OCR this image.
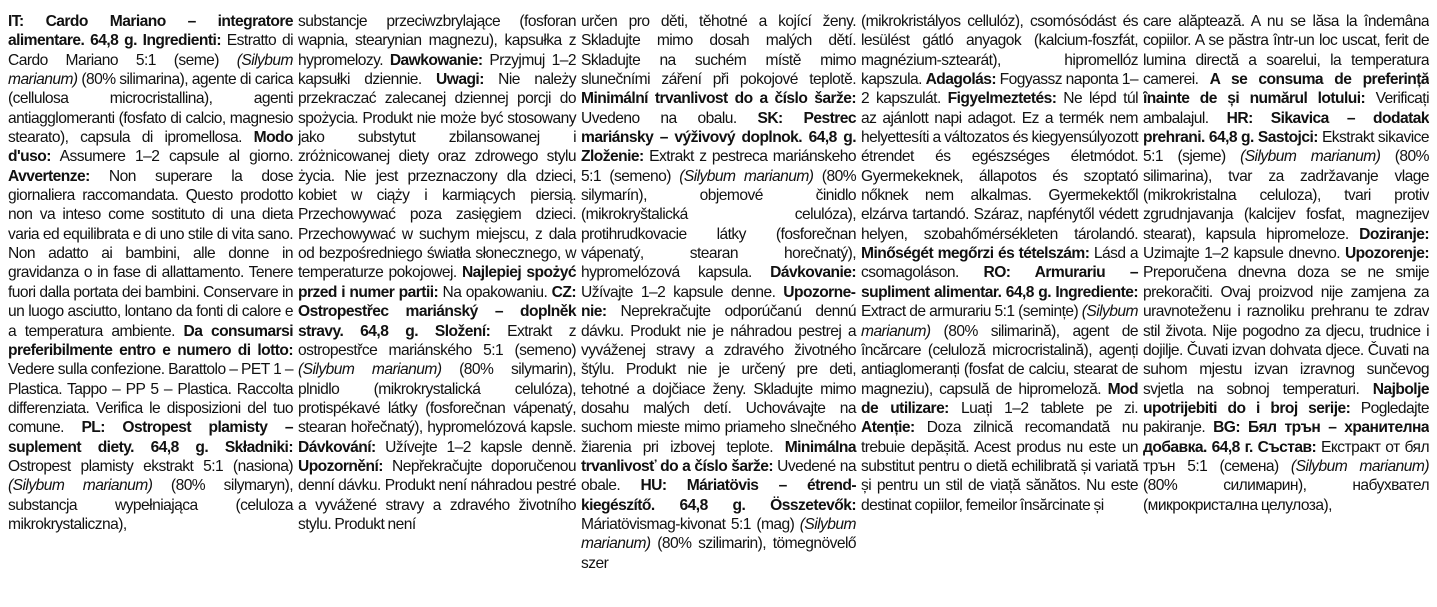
IT: Cardo Mariano – integratore alimentare. 64,8 g. Ingredienti: Estratto di Cardo Mariano 5:1 (seme) (Silybum marianum) (80% silimarina), agente di carica (cellulosa microcristallina), agenti antiagglomeranti (fosfato di calcio, magnesio stearato), capsula di ipromellosa. Modo d'uso: Assumere 1–2 capsule al giorno. Avvertenze: Non superare la dose giornaliera raccomandata. Questo prodotto non va inteso come sostituto di una dieta varia ed equilibrata e di uno stile di vita sano. Non adatto ai bambini, alle donne in gravidanza o in fase di allattamento. Tenere fuori dalla portata dei bambini. Conservare in un luogo asciutto, lontano da fonti di calore e a temperatura ambiente. Da consumarsi preferibilmente entro e numero di lotto: Vedere sulla confezione. Barattolo – PET 1 – Plastica. Tappo – PP 5 – Plastica. Raccolta differenziata. Verifica le disposizioni del tuo comune. PL: Ostropest plamisty – suplement diety. 64,8 g. Składniki: Ostropest plamisty ekstrakt 5:1 (nasiona) (Silybum marianum) (80% silymaryn), substancja wypełniająca (celuloza mikrokrystaliczna),
substancje przeciwzbrylające (fosforan wapnia, stearynian magnezu), kapsułka z hypromelozy. Dawkowanie: Przyjmuj 1–2 kapsułki dziennie. Uwagi: Nie należy przekraczać zalecanej dziennej porcji do spożycia. Produkt nie może być stosowany jako substytut zbilansowanej i zróżnicowanej diety oraz zdrowego stylu życia. Nie jest przeznaczony dla dzieci, kobiet w ciąży i karmiących piersią. Przechowywać poza zasięgiem dzieci. Przechowywać w suchym miejscu, z dala od bezpośredniego światła słonecznego, w temperaturze pokojowej. Najlepiej spożyć przed i numer partii: Na opakowaniu. CZ: Ostropestřec mariánský – doplněk stravy. 64,8 g. Složení: Extrakt z ostropestřce mariánského 5:1 (semeno) (Silybum marianum) (80% silymarin), plnidlo (mikrokrystalická celulóza), protispékavé látky (fosforečnan vápenatý, stearan hořečnatý), hypromelózová kapsle. Dávkování: Užívejte 1–2 kapsle denně. Upozornění: Nepřekračujte doporučenou denní dávku. Produkt není náhradou pestré a vyvážené stravy a zdravého životního stylu. Produkt není
určen pro děti, těhotné a kojící ženy. Skladujte mimo dosah malých dětí. Skladujte na suchém místě mimo slunečními záření při pokojové teplotě. Minimální trvanlivost do a číslo šarže: Uvedeno na obalu. SK: Pestrec mariánsky – výživový doplnok. 64,8 g. Zloženie: Extrakt z pestreca mariánskeho 5:1 (semeno) (Silybum marianum) (80% silymarín), objemové činidlo (mikrokryštalická celulóza), protihrudkovacie látky (fosforečnan vápenatý, stearan horečnatý), hypromelózová kapsula. Dávkovanie: Užívajte 1–2 kapsule denne. Upozornenie: Neprekračujte odporúčanú dennú dávku. Produkt nie je náhradou pestrej a vyváženej stravy a zdravého životného štýlu. Produkt nie je určený pre deti, tehotné a dojčiace ženy. Skladujte mimo dosahu malých detí. Uchovávajte na suchom mieste mimo priameho slnečného žiarenia pri izbovej teplote. Minimálna trvanlivosť do a číslo šarže: Uvedené na obale. HU: Máriatövis – étrend-kiegészítő. 64,8 g. Összetevők: Máriatövismag-kivonat 5:1 (mag) (Silybum marianum) (80% szilimarin), tömegnövelő szer
(mikrokristályos cellulóz), csomósódást és lesülést gátló anyagok (kalcium-foszfát, magnézium-sztearát), hipromellóz kapszula. Adagolás: Fogyassz naponta 1–2 kapszulát. Figyelmeztetés: Ne lépd túl az ajánlott napi adagot. Ez a termék nem helyettesíti a változatos és kiegyensúlyozott étrendet és egészséges életmódot. Gyermekeknek, állapotos és szoptató nőknek nem alkalmas. Gyermekektől elzárva tartandó. Száraz, napfénytől védett helyen, szobahőmérsékleten tárolandó. Minőségét megőrzi és tételszám: Lásd a csomagoláson. RO: Armurariu – supliment alimentar. 64,8 g. Ingrediente: Extract de armurariu 5:1 (semințe) (Silybum marianum) (80% silimarină), agent de încărcare (celuloză microcristalină), agenți antiaglomeranți (fosfat de calciu, stearat de magneziu), capsulă de hipromeloză. Mod de utilizare: Luați 1–2 tablete pe zi. Atenție: Doza zilnică recomandată nu trebuie depășită. Acest produs nu este un substitut pentru o dietă echilibrată și variată și pentru un stil de viață sănătos. Nu este destinat copiilor, femeilor însărcinate și
care alăptează. A nu se lăsa la îndemâna copiilor. A se păstra într-un loc uscat, ferit de lumina directă a soarelui, la temperatura camerei. A se consuma de preferință înainte de și numărul lotului: Verificați ambalajul. HR: Sikavica – dodatak prehrani. 64,8 g. Sastojci: Ekstrakt sikavice 5:1 (sjeme) (Silybum marianum) (80% silimarina), tvar za zadržavanje vlage (mikrokristalna celuloza), tvari protiv zgrudnjavanja (kalcijev fosfat, magnezijev stearat), kapsula hipromeloze. Doziranje: Uzimajte 1–2 kapsule dnevno. Upozorenje: Preporučena dnevna doza se ne smije prekoračiti. Ovaj proizvod nije zamjena za uravnoteženu i raznoliku prehranu te zdrav stil života. Nije pogodno za djecu, trudnice i dojilje. Čuvati izvan dohvata djece. Čuvati na suhom mjestu izvan izravnog sunčevog svjetla na sobnoj temperaturi. Najbolje upotrijebiti do i broj serije: Pogledajte pakiranje. BG: Бял трън – хранителна добавка. 64,8 г. Състав: Екстракт от бял трън 5:1 (семена) (Silybum marianum) (80% силимарин), набухвател (микрокристална целулоза),
